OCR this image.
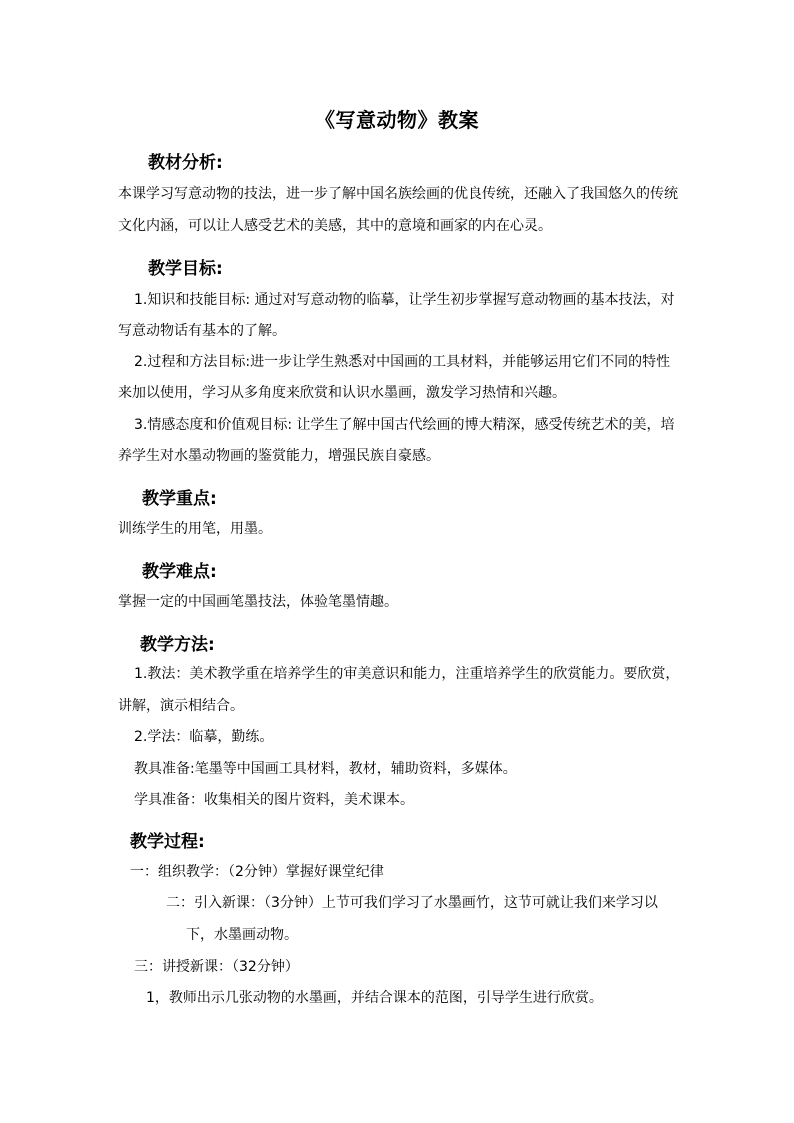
《写意动物》教案
教材分析:
本课学习写意动物的技法，进一步了解中国名族绘画的优良传统，还融入了我国悠久的传统
文化内涵，可以让人感受艺术的美感，其中的意境和画家的内在心灵。
教学目标:
1.知识和技能目标: 通过对写意动物的临摹，让学生初步掌握写意动物画的基本技法，对
写意动物话有基本的了解。
2.过程和方法目标:进一步让学生熟悉对中国画的工具材料，并能够运用它们不同的特性
来加以使用，学习从多角度来欣赏和认识水墨画，激发学习热情和兴趣。
3.情感态度和价值观目标: 让学生了解中国古代绘画的博大精深，感受传统艺术的美，培
养学生对水墨动物画的鉴赏能力，增强民族自豪感。
教学重点:
训练学生的用笔，用墨。
教学难点:
掌握一定的中国画笔墨技法，体验笔墨情趣。
教学方法:
1.教法：美术教学重在培养学生的审美意识和能力，注重培养学生的欣赏能力。要欣赏，
讲解，演示相结合。
2.学法：临摹，勤练。
教具准备:笔墨等中国画工具材料，教材，辅助资料，多媒体。
学具准备：收集相关的图片资料，美术课本。
教学过程:
一：组织教学：（2分钟）掌握好课堂纪律
二：引入新课：（3分钟）上节可我们学习了水墨画竹，这节可就让我们来学习以
下，水墨画动物。
三：讲授新课：（32分钟）
1，教师出示几张动物的水墨画，并结合课本的范图，引导学生进行欣赏。
